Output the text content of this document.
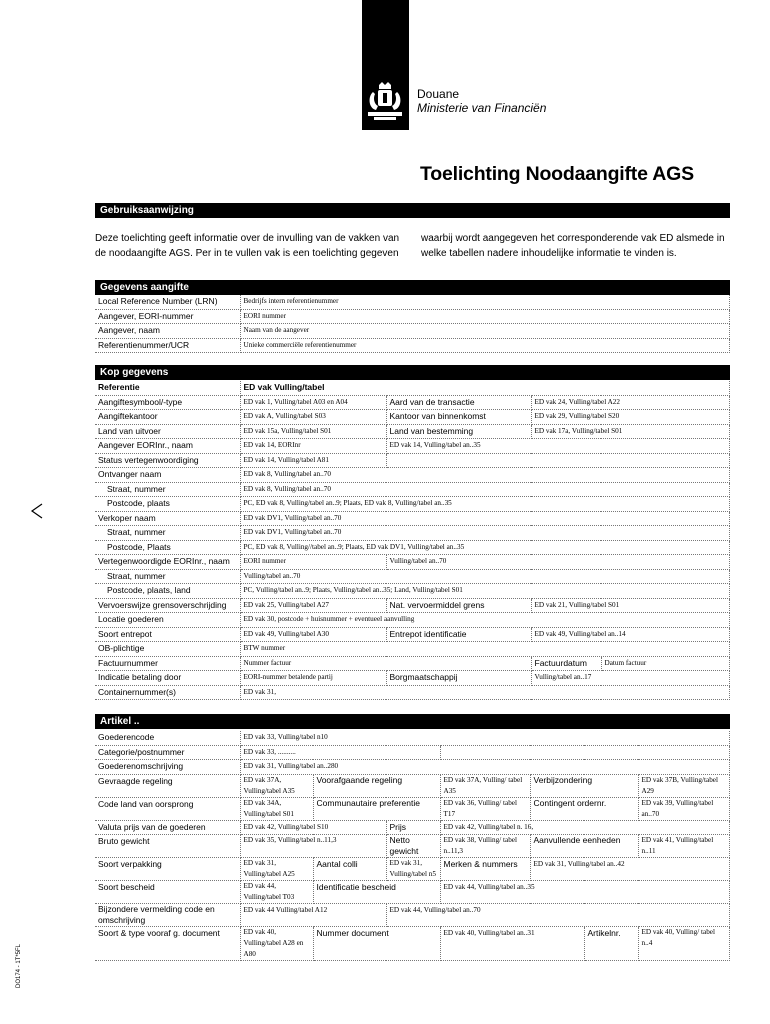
Douane
Ministerie van Financiën
Toelichting Noodaangifte AGS
Gebruiksaanwijzing
Deze toelichting geeft informatie over de invulling van de vakken van de noodaangifte AGS. Per in te vullen vak is een toelichting gegeven
waarbij wordt aangegeven het corresponderende vak ED alsmede in welke tabellen nadere inhoudelijke informatie te vinden is.
Gegevens aangifte
Local Reference Number (LRN)	Bedrijfs intern referentienummer
Aangever, EORI-nummer	EORI nummer
Aangever, naam	Naam van de aangever
Referentienummer/UCR	Unieke commerciële referentienummer
Kop gegevens
Referentie	ED vak Vulling/tabel			
Aangiftesymbool/-type	ED vak 1, Vulling/tabel A03 en A04	Aard van de transactie	ED vak 24, Vulling/tabel A22	
Aangiftekantoor	ED vak A, Vulling/tabel S03	Kantoor van binnenkomst	ED vak 29, Vulling/tabel S20	
Land van uitvoer	ED vak 15a, Vulling/tabel S01	Land van bestemming	ED vak 17a, Vulling/tabel S01	
Aangever EORInr., naam	ED vak 14, EORInr	ED vak 14, Vulling/tabel an..35		
Status vertegenwoordiging	ED vak 14, Vulling/tabel A81			
Ontvanger naam	ED vak 8, Vulling/tabel an..70			
Straat, nummer	ED vak 8, Vulling/tabel an..70			
Postcode, plaats	PC, ED vak 8, Vulling/tabel an..9; Plaats, ED vak 8, Vulling/tabel an..35			
Verkoper naam	ED vak DV1, Vulling/tabel an..70			
Straat, nummer	ED vak DV1, Vulling/tabel an..70			
Postcode, Plaats	PC, ED vak 8, Vulling//tabel an..9; Plaats, ED vak DV1, Vulling/tabel an..35			
Vertegenwoordigde EORInr., naam	EORI nummer	Vulling/tabel an..70		
Straat, nummer	Vulling/tabel an..70			
Postcode, plaats, land	PC, Vulling/tabel an..9; Plaats, Vulling/tabel an..35; Land, Vulling/tabel S01			
Vervoerswijze grensoverschrijding	ED vak 25, Vulling/tabel A27	Nat. vervoermiddel grens	ED vak 21, Vulling/tabel S01	
Locatie goederen	ED vak 30, postcode + huisnummer + eventueel aanvulling			
Soort entrepot	ED vak 49, Vulling/tabel A30	Entrepot identificatie	ED vak 49, Vulling/tabel an..14	
OB-plichtige	BTW nummer			
Factuurnummer	Nummer factuur		Factuurdatum	Datum factuur
Indicatie betaling door	EORI-nummer betalende partij	Borgmaatschappij	Vulling/tabel an..17	
Containernummer(s)	ED vak 31,			
Artikel ..
Goederencode	ED vak 33, Vulling/tabel n10						
Categorie/postnummer	ED vak 33, ..........						
Goederenomschrijving	ED vak 31, Vulling/tabel an..280						
Gevraagde regeling	ED vak 37A, Vulling/tabel A35	Voorafgaande regeling		ED vak 37A, Vulling/ tabel A35	Verbijzondering		ED vak 37B, Vulling/tabel A29
Code land van oorsprong	ED vak 34A, Vulling/tabel S01	Communautaire preferentie		ED vak 36, Vulling/ tabel T17	Contingent ordernr.		ED vak 39, Vulling/tabel an..70
Valuta prijs van de goederen	ED vak 42, Vulling/tabel S10		Prijs	ED vak 42, Vulling/tabel n. 16,			
Bruto gewicht	ED vak 35, Vulling/tabel n..11,3		Netto gewicht	ED vak 38, Vulling/ tabel n..11,3	Aanvullende eenheden		ED vak 41, Vulling/tabel n..11
Soort verpakking	ED vak 31, Vulling/tabel A25	Aantal colli	ED vak 31, Vulling/tabel n5	Merken & nummers	ED vak 31, Vulling/tabel an..42		
Soort bescheid	ED vak 44, Vulling/tabel T03	Identificatie bescheid		ED vak 44, Vulling/tabel an..35			
Bijzondere vermelding code en omschrijving	ED vak 44 Vulling/tabel A12		ED vak 44, Vulling/tabel an..70				
Soort & type vooraf g. document	ED vak 40, Vulling/tabel A28 en A80	Nummer document		ED vak 40, Vulling/tabel an..31		Artikelnr.	ED vak 40, Vulling/ tabel n..4
DO174 - 1T*5FL
